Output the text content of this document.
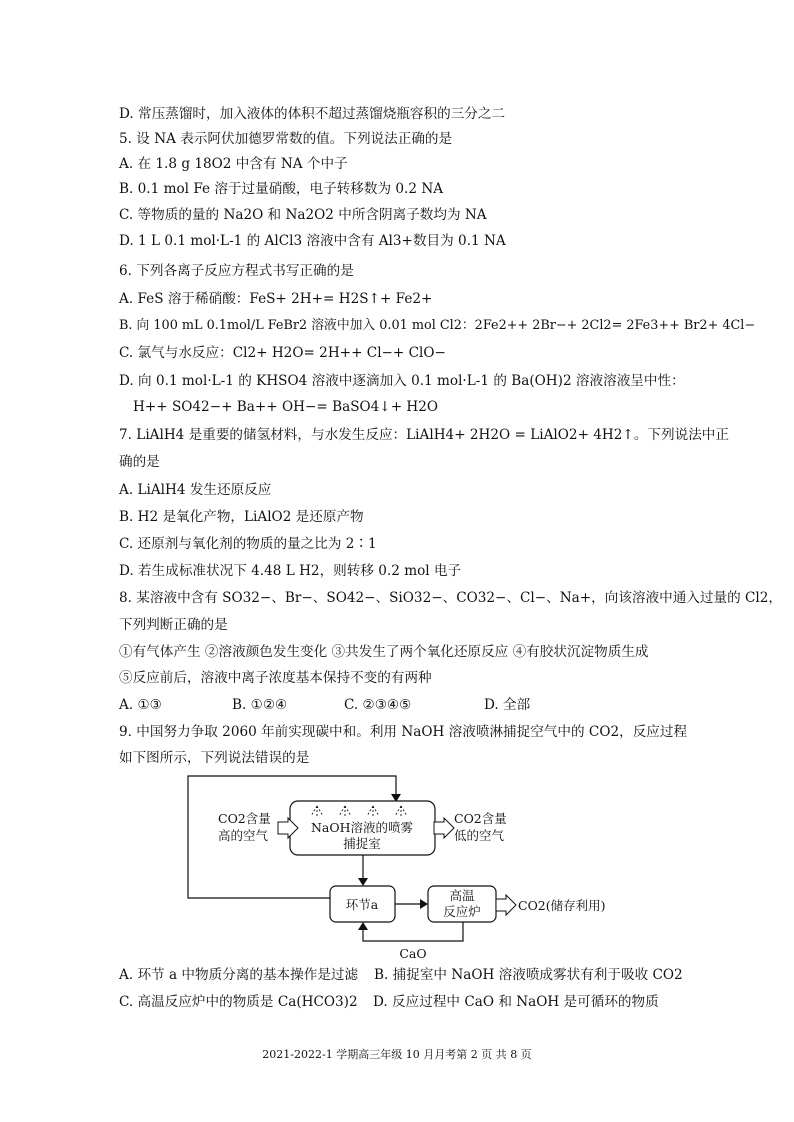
D. 常压蒸馏时，加入液体的体积不超过蒸馏烧瓶容积的三分之二
5. 设 NA 表示阿伏加德罗常数的值。下列说法正确的是
A. 在 1.8 g 18O2 中含有 NA 个中子
B. 0.1 mol Fe 溶于过量硝酸，电子转移数为 0.2 NA
C. 等物质的量的 Na2O 和 Na2O2 中所含阴离子数均为 NA
D. 1 L 0.1 mol·L-1 的 AlCl3 溶液中含有 Al3+数目为 0.1 NA
6. 下列各离子反应方程式书写正确的是
A. FeS 溶于稀硝酸：FeS+ 2H+= H2S↑+ Fe2+
B. 向 100 mL 0.1mol/L FeBr2 溶液中加入 0.01 mol Cl2：2Fe2++ 2Br−+ 2Cl2= 2Fe3++ Br2+ 4Cl−
C. 氯气与水反应：Cl2+ H2O= 2H++ Cl−+ ClO−
D. 向 0.1 mol·L-1 的 KHSO4 溶液中逐滴加入 0.1 mol·L-1 的 Ba(OH)2 溶液溶液呈中性：
H++ SO42−+ Ba++ OH−= BaSO4↓+ H2O
7. LiAlH4 是重要的储氢材料，与水发生反应：LiAlH4+ 2H2O = LiAlO2+ 4H2↑。下列说法中正
确的是
A. LiAlH4 发生还原反应
B. H2 是氧化产物，LiAlO2 是还原产物
C. 还原剂与氧化剂的物质的量之比为 2∶1
D. 若生成标准状况下 4.48 L H2，则转移 0.2 mol 电子
8. 某溶液中含有 SO32−、Br−、SO42−、SiO32−、CO32−、Cl−、Na+，向该溶液中通入过量的 Cl2，
下列判断正确的是
①有气体产生 ②溶液颜色发生变化 ③共发生了两个氧化还原反应 ④有胶状沉淀物质生成
⑤反应前后，溶液中离子浓度基本保持不变的有两种
A. ①③	B. ①②④	C. ②③④⑤	D. 全部
9. 中国努力争取 2060 年前实现碳中和。利用 NaOH 溶液喷淋捕捉空气中的 CO2，反应过程
如下图所示，下列说法错误的是
NaOH溶液的喷雾
捕捉室
CO2含量
高的空气
CO2含量
低的空气
环节a
高温
反应炉	CO2(储存利用)
CaO
A. 环节 a 中物质分离的基本操作是过滤 B. 捕捉室中 NaOH 溶液喷成雾状有利于吸收 CO2
C. 高温反应炉中的物质是 Ca(HCO3)2 D. 反应过程中 CaO 和 NaOH 是可循环的物质
2021-2022-1 学期高三年级 10 月月考第 2 页 共 8 页
